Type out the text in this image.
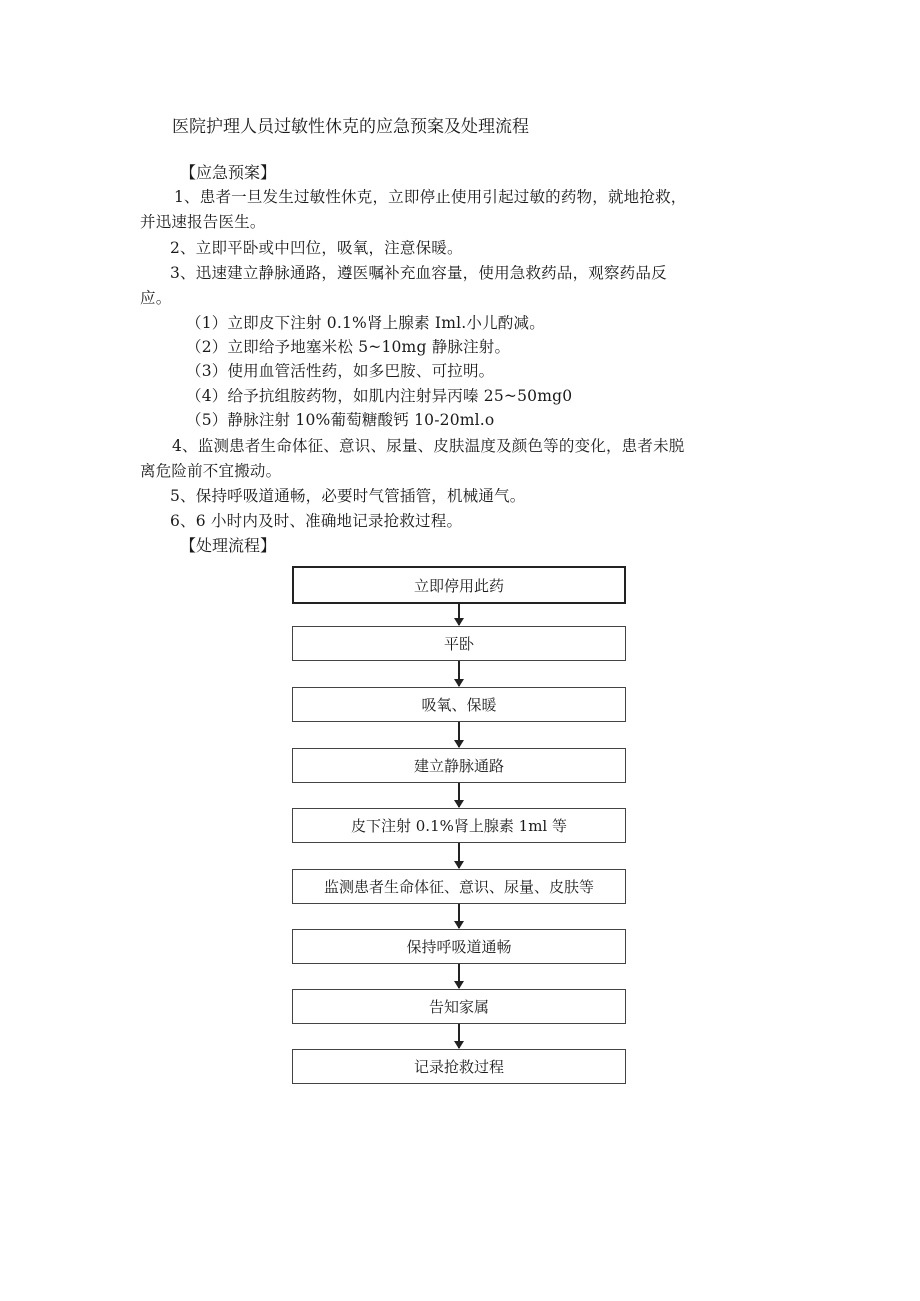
医院护理人员过敏性休克的应急预案及处理流程
【应急预案】
1、患者一旦发生过敏性休克，立即停止使用引起过敏的药物，就地抢救，
并迅速报告医生。
2、立即平卧或中凹位，吸氧，注意保暖。
3、迅速建立静脉通路，遵医嘱补充血容量，使用急救药品，观察药品反
应。
（1）立即皮下注射 0.1%肾上腺素 Iml.小儿酌减。
（2）立即给予地塞米松 5~10mg 静脉注射。
（3）使用血管活性药，如多巴胺、可拉明。
（4）给予抗组胺药物，如肌内注射异丙嗪 25~50mg0
（5）静脉注射 10%葡萄糖酸钙 10-20ml.o
4、监测患者生命体征、意识、尿量、皮肤温度及颜色等的变化，患者未脱
离危险前不宜搬动。
5、保持呼吸道通畅，必要时气管插管，机械通气。
6、6 小时内及时、准确地记录抢救过程。
【处理流程】
立即停用此药
平卧
吸氧、保暖
建立静脉通路
皮下注射 0.1%肾上腺素 1ml 等
监测患者生命体征、意识、尿量、皮肤等
保持呼吸道通畅
告知家属
记录抢救过程
